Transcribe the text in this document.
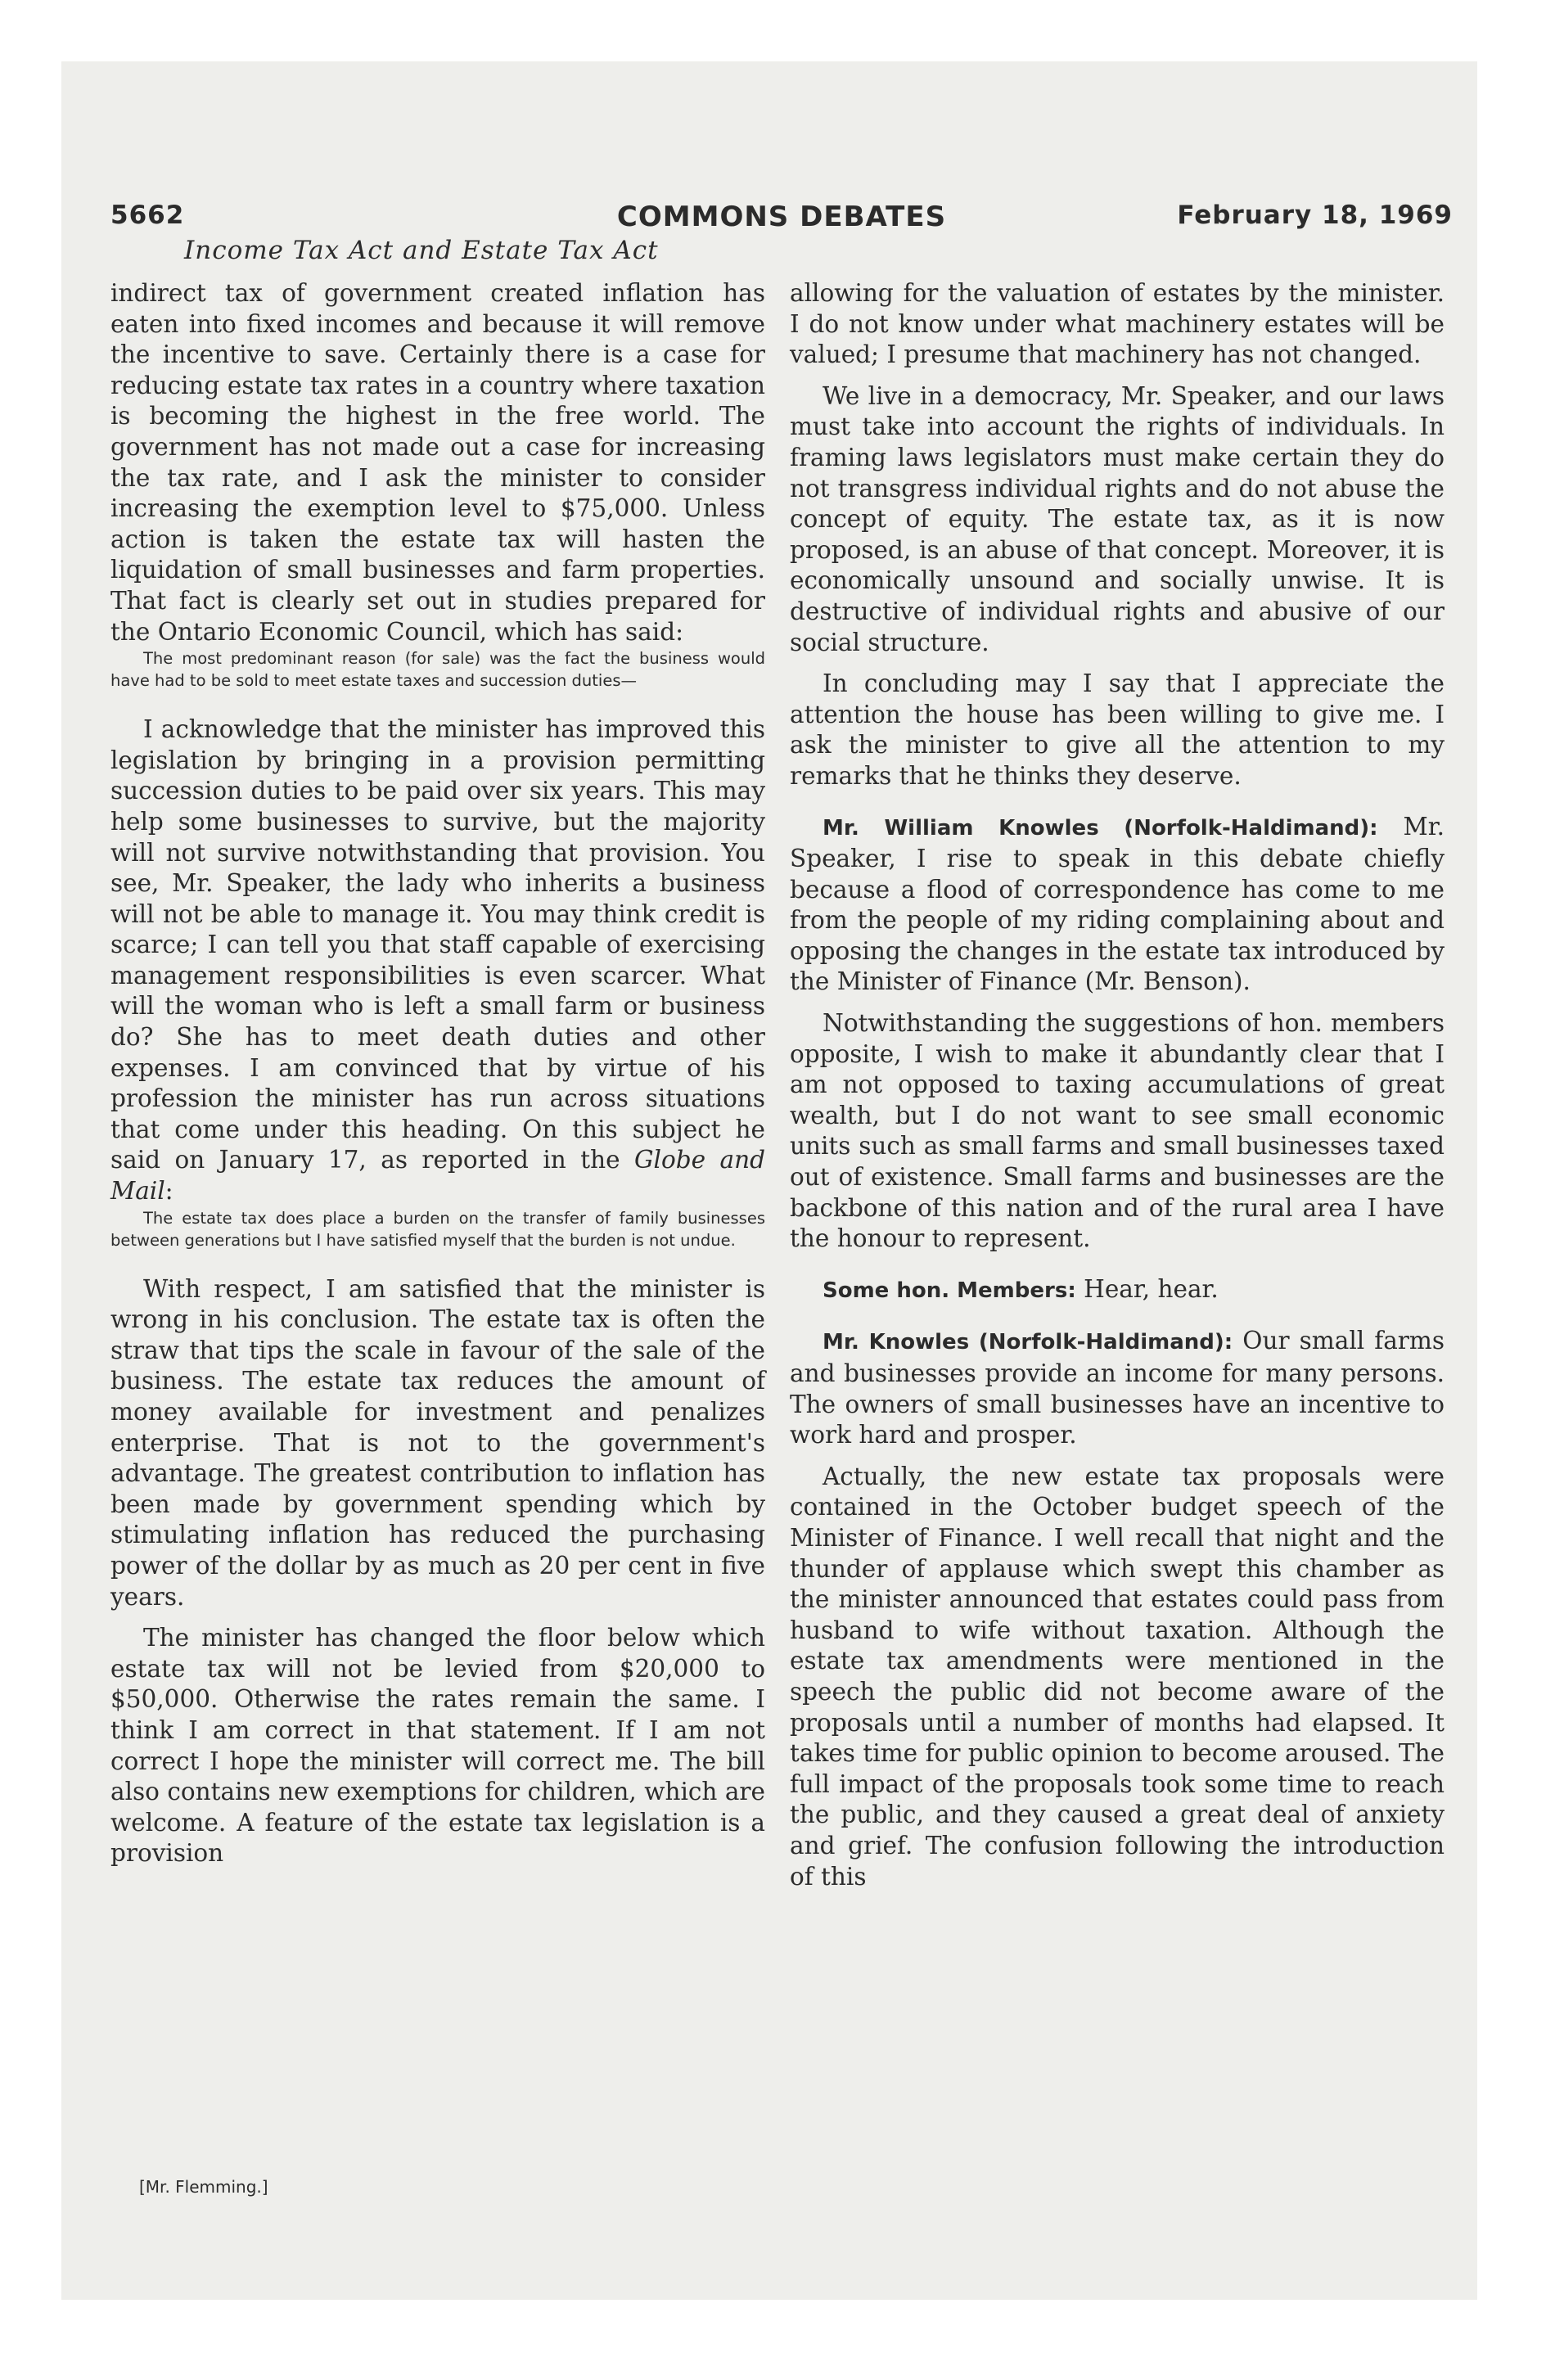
5662	COMMONS DEBATES	February 18, 1969
Income Tax Act and Estate Tax Act

indirect tax of government created inflation has eaten into fixed incomes and because it will remove the incentive to save. Certainly there is a case for reducing estate tax rates in a country where taxation is becoming the highest in the free world. The government has not made out a case for increasing the tax rate, and I ask the minister to consider increasing the exemption level to $75,000. Unless action is taken the estate tax will hasten the liquidation of small businesses and farm properties. That fact is clearly set out in studies prepared for the Ontario Economic Council, which has said:

The most predominant reason (for sale) was the fact the business would have had to be sold to meet estate taxes and succession duties—

I acknowledge that the minister has improved this legislation by bringing in a provision permitting succession duties to be paid over six years. This may help some businesses to survive, but the majority will not survive notwithstanding that provision. You see, Mr. Speaker, the lady who inherits a business will not be able to manage it. You may think credit is scarce; I can tell you that staff capable of exercising management responsibilities is even scarcer. What will the woman who is left a small farm or business do? She has to meet death duties and other expenses. I am convinced that by virtue of his profession the minister has run across situations that come under this heading. On this subject he said on January 17, as reported in the Globe and Mail:

The estate tax does place a burden on the transfer of family businesses between generations but I have satisfied myself that the burden is not undue.

With respect, I am satisfied that the minister is wrong in his conclusion. The estate tax is often the straw that tips the scale in favour of the sale of the business. The estate tax reduces the amount of money available for investment and penalizes enterprise. That is not to the government's advantage. The greatest contribution to inflation has been made by government spending which by stimulating inflation has reduced the purchasing power of the dollar by as much as 20 per cent in five years.

The minister has changed the floor below which estate tax will not be levied from $20,000 to $50,000. Otherwise the rates remain the same. I think I am correct in that statement. If I am not correct I hope the minister will correct me. The bill also contains new exemptions for children, which are welcome. A feature of the estate tax legislation is a provision

allowing for the valuation of estates by the minister. I do not know under what machinery estates will be valued; I presume that machinery has not changed.

We live in a democracy, Mr. Speaker, and our laws must take into account the rights of individuals. In framing laws legislators must make certain they do not transgress individual rights and do not abuse the concept of equity. The estate tax, as it is now proposed, is an abuse of that concept. Moreover, it is economically unsound and socially unwise. It is destructive of individual rights and abusive of our social structure.

In concluding may I say that I appreciate the attention the house has been willing to give me. I ask the minister to give all the attention to my remarks that he thinks they deserve.

Mr. William Knowles (Norfolk-Haldimand): Mr. Speaker, I rise to speak in this debate chiefly because a flood of correspondence has come to me from the people of my riding complaining about and opposing the changes in the estate tax introduced by the Minister of Finance (Mr. Benson).

Notwithstanding the suggestions of hon. members opposite, I wish to make it abundantly clear that I am not opposed to taxing accumulations of great wealth, but I do not want to see small economic units such as small farms and small businesses taxed out of existence. Small farms and businesses are the backbone of this nation and of the rural area I have the honour to represent.

Some hon. Members: Hear, hear.

Mr. Knowles (Norfolk-Haldimand): Our small farms and businesses provide an income for many persons. The owners of small businesses have an incentive to work hard and prosper.

Actually, the new estate tax proposals were contained in the October budget speech of the Minister of Finance. I well recall that night and the thunder of applause which swept this chamber as the minister announced that estates could pass from husband to wife without taxation. Although the estate tax amendments were mentioned in the speech the public did not become aware of the proposals until a number of months had elapsed. It takes time for public opinion to become aroused. The full impact of the proposals took some time to reach the public, and they caused a great deal of anxiety and grief. The confusion following the introduction of this

[Mr. Flemming.]
